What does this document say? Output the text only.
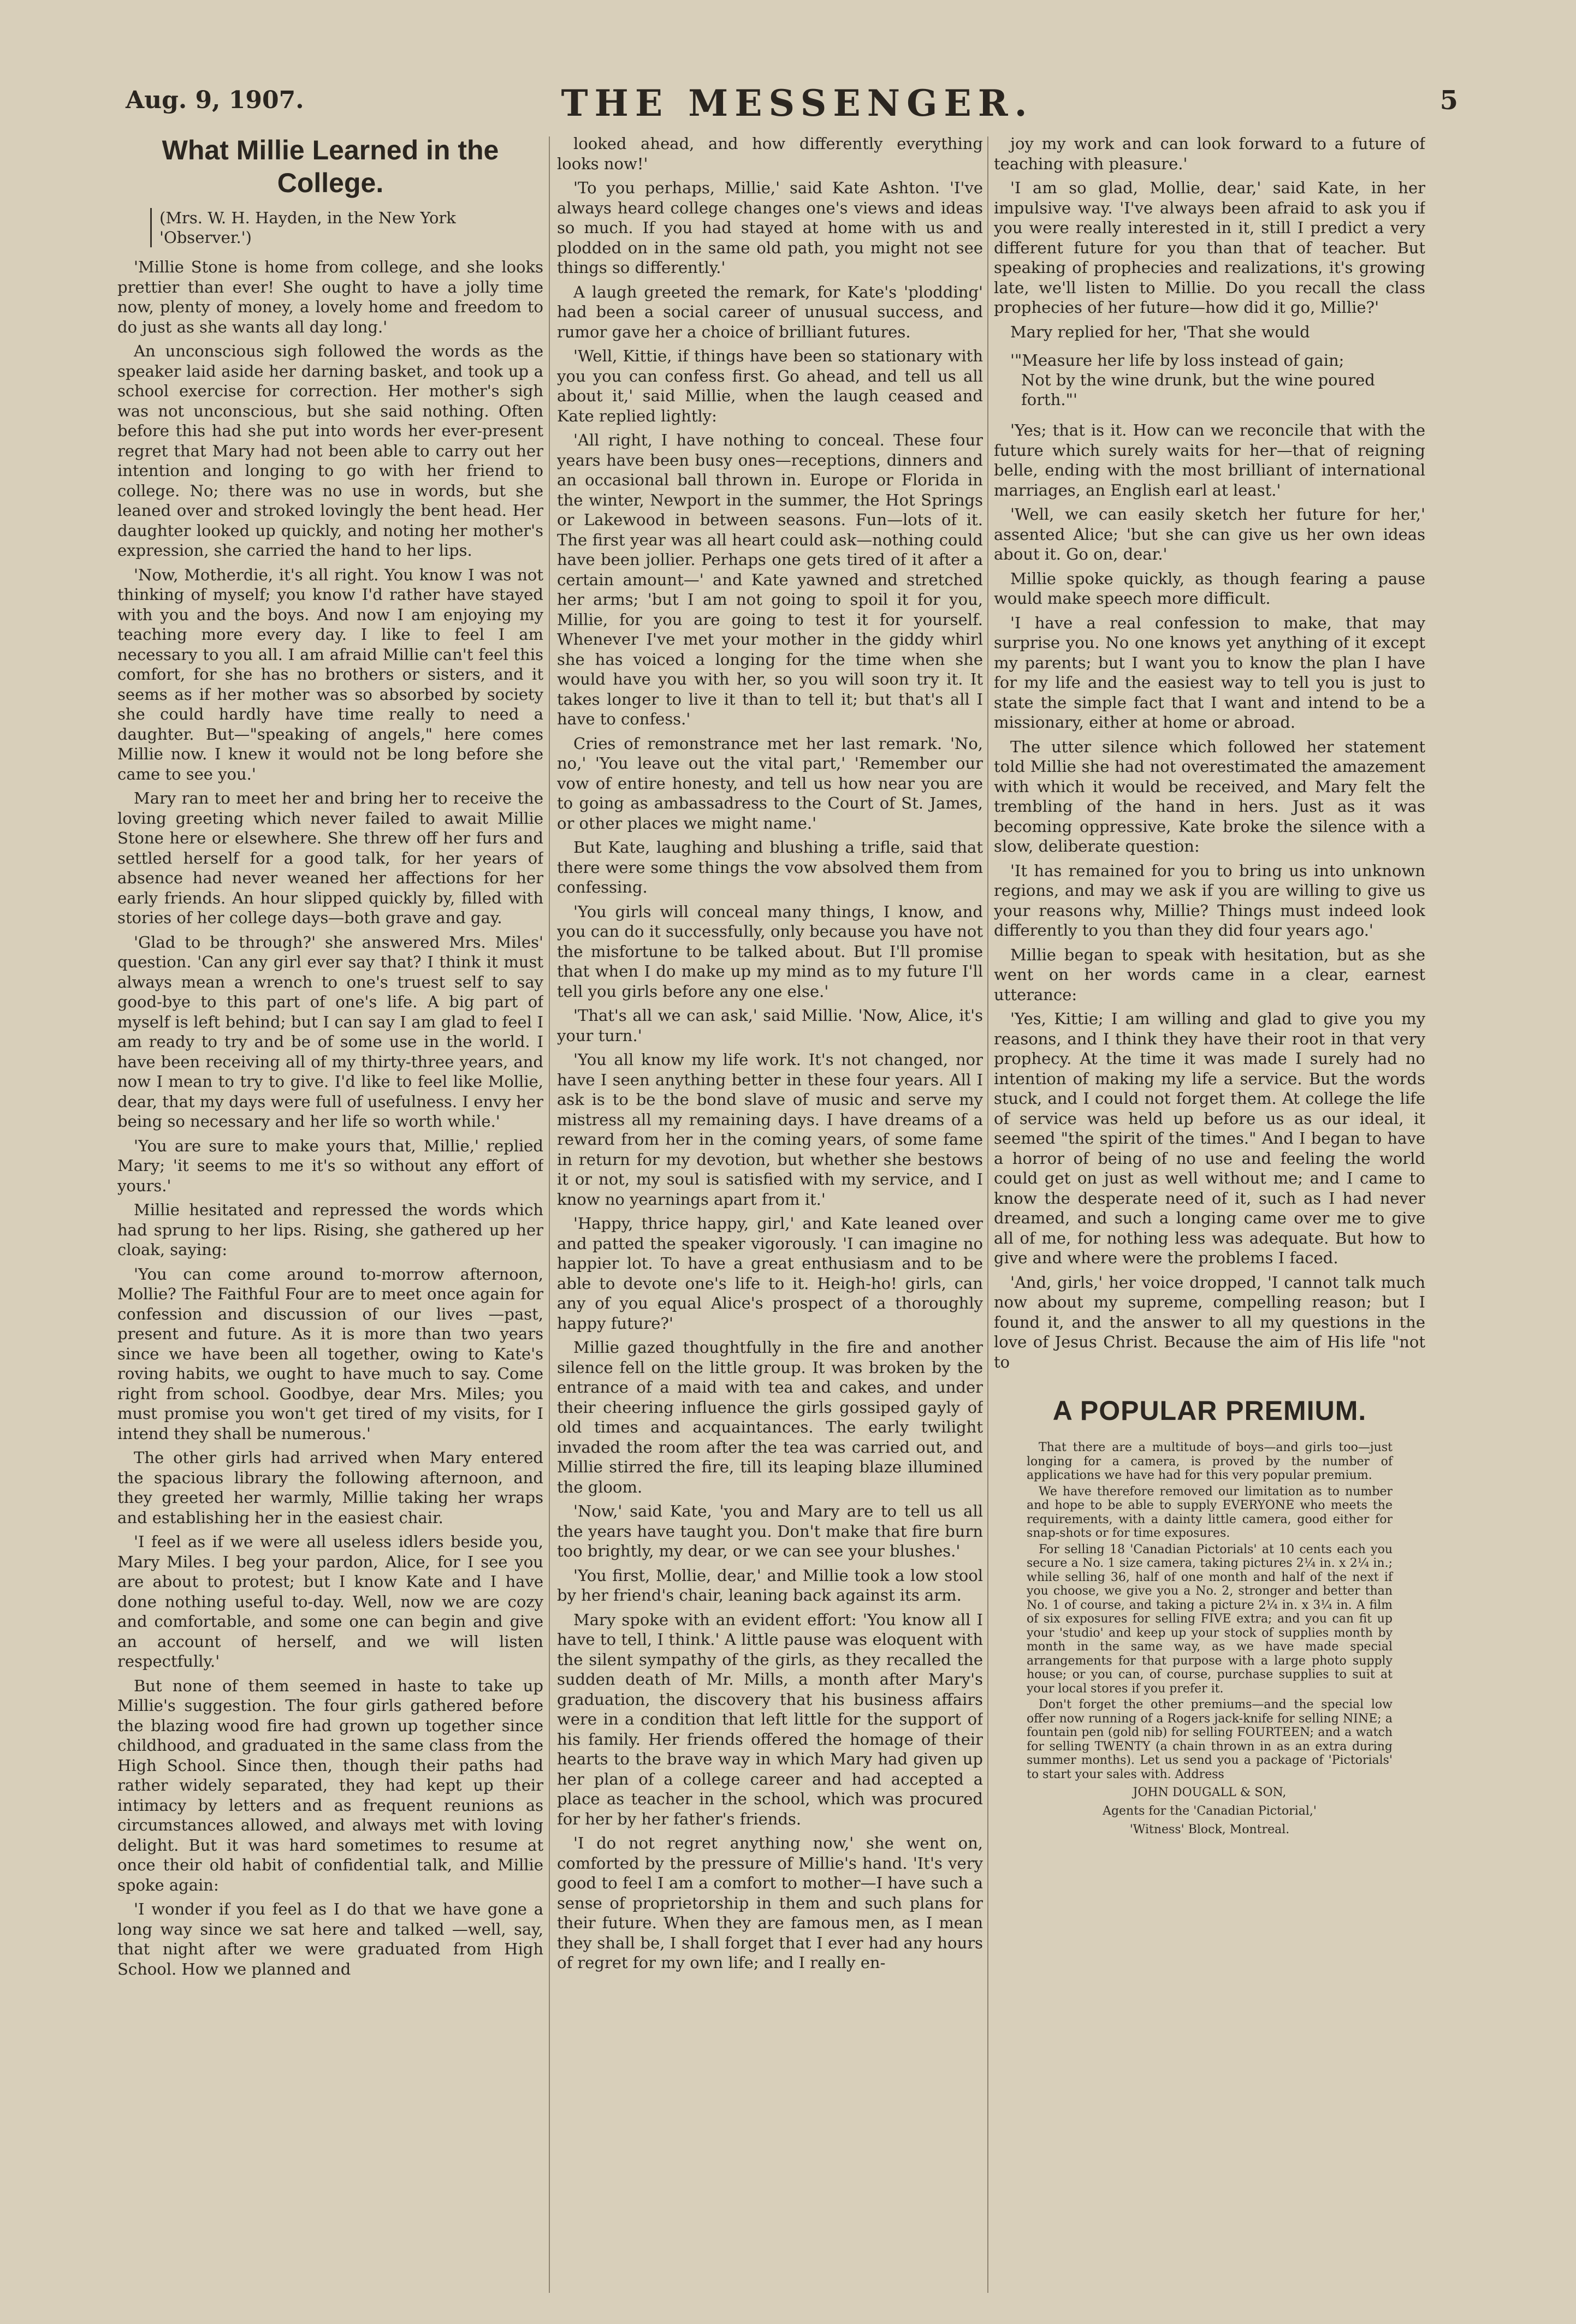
Aug. 9, 1907.	THE MESSENGER.	5
What Millie Learned in the College.
(Mrs. W. H. Hayden, in the New York 'Observer.')

'Millie Stone is home from college, and she looks prettier than ever! She ought to have a jolly time now, plenty of money, a lovely home and freedom to do just as she wants all day long.'

An unconscious sigh followed the words as the speaker laid aside her darning basket, and took up a school exercise for correction. Her mother's sigh was not unconscious, but she said nothing. Often before this had she put into words her ever-present regret that Mary had not been able to carry out her intention and longing to go with her friend to college. No; there was no use in words, but she leaned over and stroked lovingly the bent head. Her daughter looked up quickly, and noting her mother's expression, she carried the hand to her lips.

'Now, Motherdie, it's all right. You know I was not thinking of myself; you know I'd rather have stayed with you and the boys. And now I am enjoying my teaching more every day. I like to feel I am necessary to you all. I am afraid Millie can't feel this comfort, for she has no brothers or sisters, and it seems as if her mother was so absorbed by society she could hardly have time really to need a daughter. But—"speaking of angels," here comes Millie now. I knew it would not be long before she came to see you.'

Mary ran to meet her and bring her to receive the loving greeting which never failed to await Millie Stone here or elsewhere. She threw off her furs and settled herself for a good talk, for her years of absence had never weaned her affections for her early friends. An hour slipped quickly by, filled with stories of her college days—both grave and gay.

'Glad to be through?' she answered Mrs. Miles' question. 'Can any girl ever say that? I think it must always mean a wrench to one's truest self to say good-bye to this part of one's life. A big part of myself is left behind; but I can say I am glad to feel I am ready to try and be of some use in the world. I have been receiving all of my thirty-three years, and now I mean to try to give. I'd like to feel like Mollie, dear, that my days were full of usefulness. I envy her being so necessary and her life so worth while.'

'You are sure to make yours that, Millie,' replied Mary; 'it seems to me it's so without any effort of yours.'

Millie hesitated and repressed the words which had sprung to her lips. Rising, she gathered up her cloak, saying:

'You can come around to-morrow afternoon, Mollie? The Faithful Four are to meet once again for confession and discussion of our lives —past, present and future. As it is more than two years since we have been all together, owing to Kate's roving habits, we ought to have much to say. Come right from school. Goodbye, dear Mrs. Miles; you must promise you won't get tired of my visits, for I intend they shall be numerous.'

The other girls had arrived when Mary entered the spacious library the following afternoon, and they greeted her warmly, Millie taking her wraps and establishing her in the easiest chair.

'I feel as if we were all useless idlers beside you, Mary Miles. I beg your pardon, Alice, for I see you are about to protest; but I know Kate and I have done nothing useful to-day. Well, now we are cozy and comfortable, and some one can begin and give an account of herself, and we will listen respectfully.'

But none of them seemed in haste to take up Millie's suggestion. The four girls gathered before the blazing wood fire had grown up together since childhood, and graduated in the same class from the High School. Since then, though their paths had rather widely separated, they had kept up their intimacy by letters and as frequent reunions as circumstances allowed, and always met with loving delight. But it was hard sometimes to resume at once their old habit of confidential talk, and Millie spoke again:

'I wonder if you feel as I do that we have gone a long way since we sat here and talked —well, say, that night after we were graduated from High School. How we planned and

looked ahead, and how differently everything looks now!'

'To you perhaps, Millie,' said Kate Ashton. 'I've always heard college changes one's views and ideas so much. If you had stayed at home with us and plodded on in the same old path, you might not see things so differently.'

A laugh greeted the remark, for Kate's 'plodding' had been a social career of unusual success, and rumor gave her a choice of brilliant futures.

'Well, Kittie, if things have been so stationary with you you can confess first. Go ahead, and tell us all about it,' said Millie, when the laugh ceased and Kate replied lightly:

'All right, I have nothing to conceal. These four years have been busy ones—receptions, dinners and an occasional ball thrown in. Europe or Florida in the winter, Newport in the summer, the Hot Springs or Lakewood in between seasons. Fun—lots of it. The first year was all heart could ask—nothing could have been jollier. Perhaps one gets tired of it after a certain amount—' and Kate yawned and stretched her arms; 'but I am not going to spoil it for you, Millie, for you are going to test it for yourself. Whenever I've met your mother in the giddy whirl she has voiced a longing for the time when she would have you with her, so you will soon try it. It takes longer to live it than to tell it; but that's all I have to confess.'

Cries of remonstrance met her last remark. 'No, no,' 'You leave out the vital part,' 'Remember our vow of entire honesty, and tell us how near you are to going as ambassadress to the Court of St. James, or other places we might name.'

But Kate, laughing and blushing a trifle, said that there were some things the vow absolved them from confessing.

'You girls will conceal many things, I know, and you can do it successfully, only because you have not the misfortune to be talked about. But I'll promise that when I do make up my mind as to my future I'll tell you girls before any one else.'

'That's all we can ask,' said Millie. 'Now, Alice, it's your turn.'

'You all know my life work. It's not changed, nor have I seen anything better in these four years. All I ask is to be the bond slave of music and serve my mistress all my remaining days. I have dreams of a reward from her in the coming years, of some fame in return for my devotion, but whether she bestows it or not, my soul is satisfied with my service, and I know no yearnings apart from it.'

'Happy, thrice happy, girl,' and Kate leaned over and patted the speaker vigorously. 'I can imagine no happier lot. To have a great enthusiasm and to be able to devote one's life to it. Heigh-ho! girls, can any of you equal Alice's prospect of a thoroughly happy future?'

Millie gazed thoughtfully in the fire and another silence fell on the little group. It was broken by the entrance of a maid with tea and cakes, and under their cheering influence the girls gossiped gayly of old times and acquaintances. The early twilight invaded the room after the tea was carried out, and Millie stirred the fire, till its leaping blaze illumined the gloom.

'Now,' said Kate, 'you and Mary are to tell us all the years have taught you. Don't make that fire burn too brightly, my dear, or we can see your blushes.'

'You first, Mollie, dear,' and Millie took a low stool by her friend's chair, leaning back against its arm.

Mary spoke with an evident effort: 'You know all I have to tell, I think.' A little pause was eloquent with the silent sympathy of the girls, as they recalled the sudden death of Mr. Mills, a month after Mary's graduation, the discovery that his business affairs were in a condition that left little for the support of his family. Her friends offered the homage of their hearts to the brave way in which Mary had given up her plan of a college career and had accepted a place as teacher in the school, which was procured for her by her father's friends.

'I do not regret anything now,' she went on, comforted by the pressure of Millie's hand. 'It's very good to feel I am a comfort to mother—I have such a sense of proprietorship in them and such plans for their future. When they are famous men, as I mean they shall be, I shall forget that I ever had any hours of regret for my own life; and I really en-

joy my work and can look forward to a future of teaching with pleasure.'

'I am so glad, Mollie, dear,' said Kate, in her impulsive way. 'I've always been afraid to ask you if you were really interested in it, still I predict a very different future for you than that of teacher. But speaking of prophecies and realizations, it's growing late, we'll listen to Millie. Do you recall the class prophecies of her future—how did it go, Millie?'

Mary replied for her, 'That she would

'"Measure her life by loss instead of gain;
Not by the wine drunk, but the wine poured forth."'

'Yes; that is it. How can we reconcile that with the future which surely waits for her—that of reigning belle, ending with the most brilliant of international marriages, an English earl at least.'

'Well, we can easily sketch her future for her,' assented Alice; 'but she can give us her own ideas about it. Go on, dear.'

Millie spoke quickly, as though fearing a pause would make speech more difficult.

'I have a real confession to make, that may surprise you. No one knows yet anything of it except my parents; but I want you to know the plan I have for my life and the easiest way to tell you is just to state the simple fact that I want and intend to be a missionary, either at home or abroad.

The utter silence which followed her statement told Millie she had not overestimated the amazement with which it would be received, and Mary felt the trembling of the hand in hers. Just as it was becoming oppressive, Kate broke the silence with a slow, deliberate question:

'It has remained for you to bring us into unknown regions, and may we ask if you are willing to give us your reasons why, Millie? Things must indeed look differently to you than they did four years ago.'

Millie began to speak with hesitation, but as she went on her words came in a clear, earnest utterance:

'Yes, Kittie; I am willing and glad to give you my reasons, and I think they have their root in that very prophecy. At the time it was made I surely had no intention of making my life a service. But the words stuck, and I could not forget them. At college the life of service was held up before us as our ideal, it seemed "the spirit of the times." And I began to have a horror of being of no use and feeling the world could get on just as well without me; and I came to know the desperate need of it, such as I had never dreamed, and such a longing came over me to give all of me, for nothing less was adequate. But how to give and where were the problems I faced.

'And, girls,' her voice dropped, 'I cannot talk much now about my supreme, compelling reason; but I found it, and the answer to all my questions in the love of Jesus Christ. Because the aim of His life "not to

A POPULAR PREMIUM.

That there are a multitude of boys—and girls too—just longing for a camera, is proved by the number of applications we have had for this very popular premium.

We have therefore removed our limitation as to number and hope to be able to supply EVERYONE who meets the requirements, with a dainty little camera, good either for snap-shots or for time exposures.

For selling 18 'Canadian Pictorials' at 10 cents each you secure a No. 1 size camera, taking pictures 2¼ in. x 2¼ in.; while selling 36, half of one month and half of the next if you choose, we give you a No. 2, stronger and better than No. 1 of course, and taking a picture 2¼ in. x 3¼ in. A film of six exposures for selling FIVE extra; and you can fit up your 'studio' and keep up your stock of supplies month by month in the same way, as we have made special arrangements for that purpose with a large photo supply house; or you can, of course, purchase supplies to suit at your local stores if you prefer it.

Don't forget the other premiums—and the special low offer now running of a Rogers jack-knife for selling NINE; a fountain pen (gold nib) for selling FOURTEEN; and a watch for selling TWENTY (a chain thrown in as an extra during summer months). Let us send you a package of 'Pictorials' to start your sales with. Address

JOHN DOUGALL & SON,
Agents for the 'Canadian Pictorial,'
'Witness' Block, Montreal.
